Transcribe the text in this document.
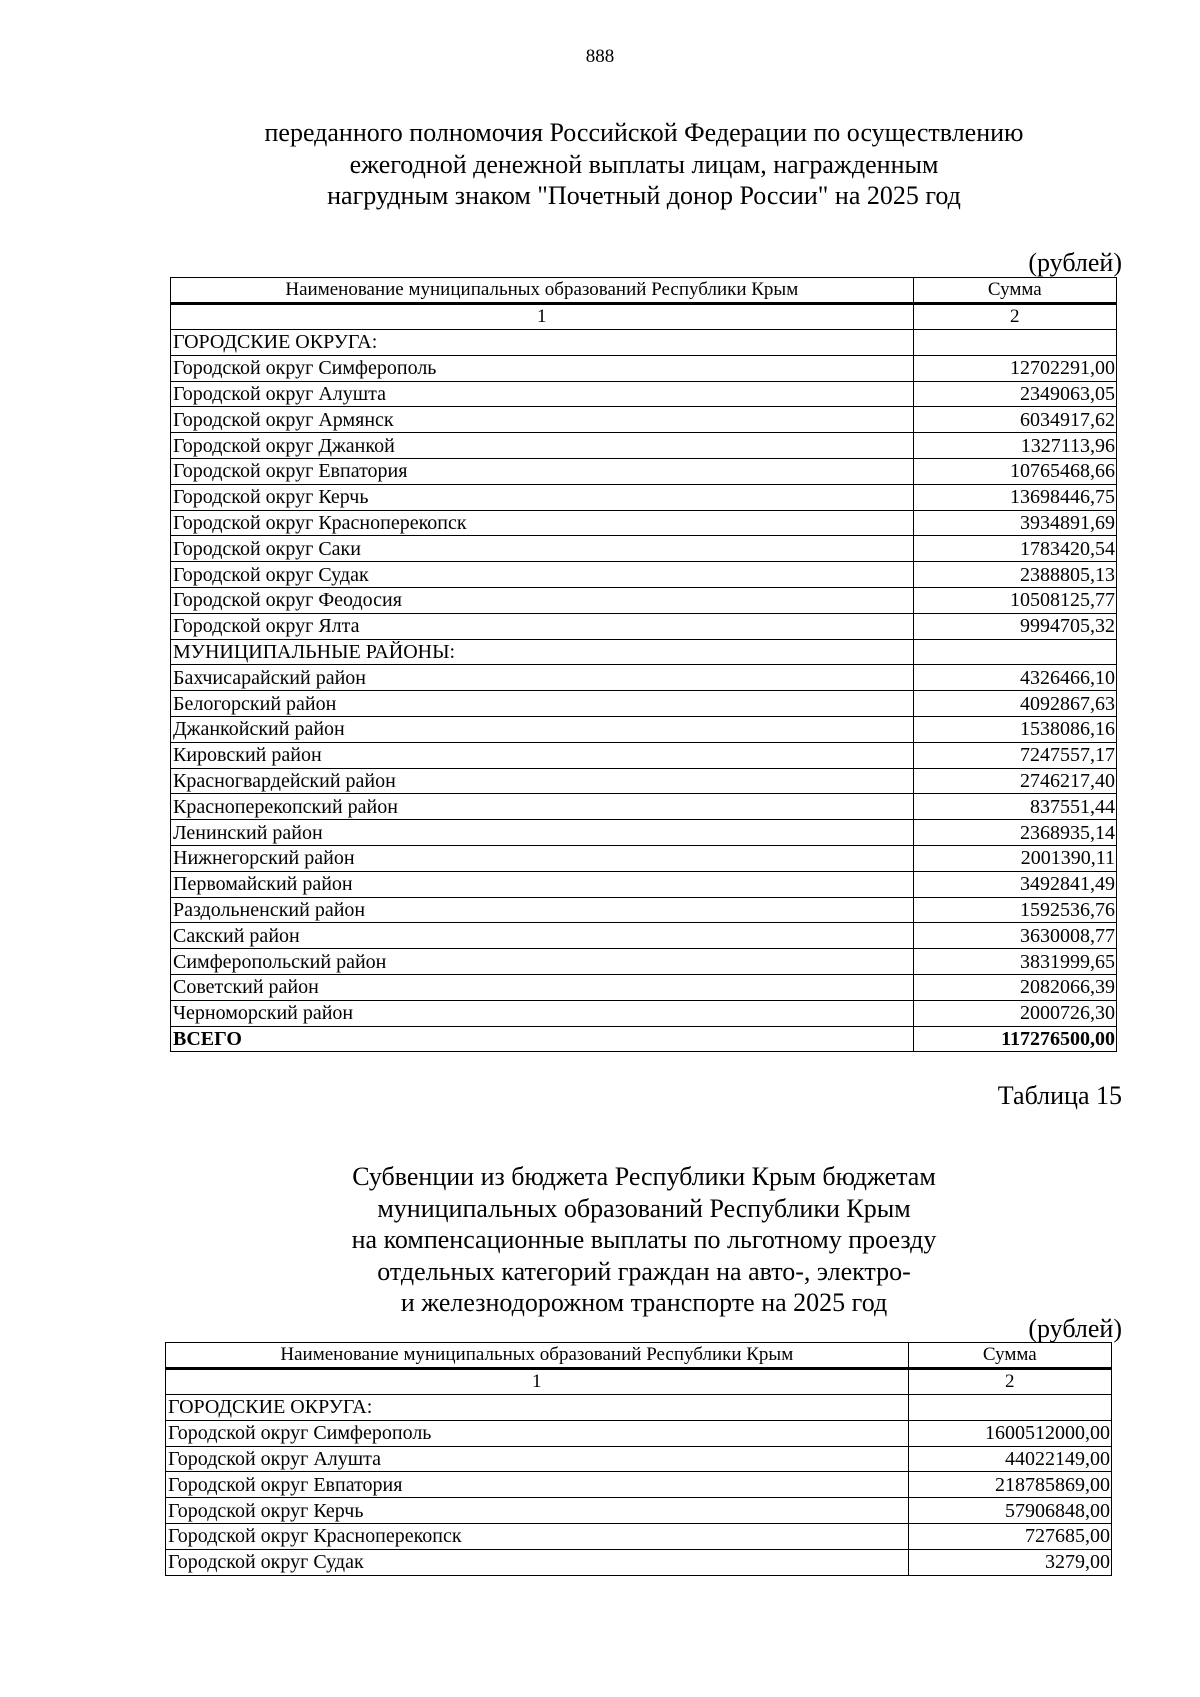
888
переданного полномочия Российской Федерации по осуществлению
ежегодной денежной выплаты лицам, награжденным
нагрудным знаком "Почетный донор России" на 2025 год
(рублей)
Наименование муниципальных образований Республики Крым	Сумма
1	2
ГОРОДСКИЕ ОКРУГА:	
Городской округ Симферополь	12702291,00
Городской округ Алушта	2349063,05
Городской округ Армянск	6034917,62
Городской округ Джанкой	1327113,96
Городской округ Евпатория	10765468,66
Городской округ Керчь	13698446,75
Городской округ Красноперекопск	3934891,69
Городской округ Саки	1783420,54
Городской округ Судак	2388805,13
Городской округ Феодосия	10508125,77
Городской округ Ялта	9994705,32
МУНИЦИПАЛЬНЫЕ РАЙОНЫ:	
Бахчисарайский район	4326466,10
Белогорский район	4092867,63
Джанкойский район	1538086,16
Кировский район	7247557,17
Красногвардейский район	2746217,40
Красноперекопский район	837551,44
Ленинский район	2368935,14
Нижнегорский район	2001390,11
Первомайский район	3492841,49
Раздольненский район	1592536,76
Сакский район	3630008,77
Симферопольский район	3831999,65
Советский район	2082066,39
Черноморский район	2000726,30
ВСЕГО	117276500,00
Таблица 15
Субвенции из бюджета Республики Крым бюджетам
муниципальных образований Республики Крым
на компенсационные выплаты по льготному проезду
отдельных категорий граждан на авто-, электро-
и железнодорожном транспорте на 2025 год
(рублей)
Наименование муниципальных образований Республики Крым	Сумма
1	2
ГОРОДСКИЕ ОКРУГА:	
Городской округ Симферополь	1600512000,00
Городской округ Алушта	44022149,00
Городской округ Евпатория	218785869,00
Городской округ Керчь	57906848,00
Городской округ Красноперекопск	727685,00
Городской округ Судак	3279,00
